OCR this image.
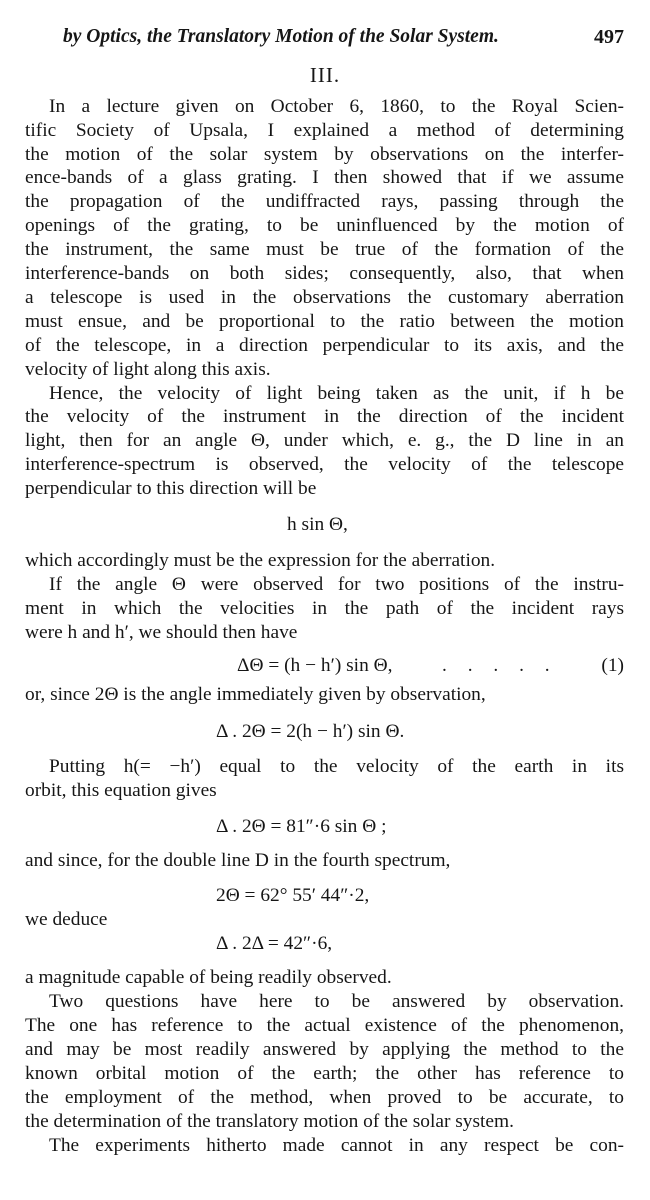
by Optics, the Translatory Motion of the Solar System.	497
III.
In a lecture given on October 6, 1860, to the Royal Scien-
tific Society of Upsala, I explained a method of determining
the motion of the solar system by observations on the interfer-
ence-bands of a glass grating. I then showed that if we assume
the propagation of the undiffracted rays, passing through the
openings of the grating, to be uninfluenced by the motion of
the instrument, the same must be true of the formation of the
interference-bands on both sides; consequently, also, that when
a telescope is used in the observations the customary aberration
must ensue, and be proportional to the ratio between the motion
of the telescope, in a direction perpendicular to its axis, and the
velocity of light along this axis.
Hence, the velocity of light being taken as the unit, if h be
the velocity of the instrument in the direction of the incident
light, then for an angle Θ, under which, e. g., the D line in an
interference-spectrum is observed, the velocity of the telescope
perpendicular to this direction will be
h sin Θ,
which accordingly must be the expression for the aberration.
If the angle Θ were observed for two positions of the instru-
ment in which the velocities in the path of the incident rays
were h and h′, we should then have
ΔΘ = (h − h′) sin Θ,	. . . . . (1)
or, since 2Θ is the angle immediately given by observation,
Δ . 2Θ = 2(h − h′) sin Θ.
Putting h(= −h′) equal to the velocity of the earth in its
orbit, this equation gives
Δ . 2Θ = 81″·6 sin Θ ;
and since, for the double line D in the fourth spectrum,
2Θ = 62° 55′ 44″·2,
we deduce
Δ . 2Δ = 42″·6,
a magnitude capable of being readily observed.
Two questions have here to be answered by observation.
The one has reference to the actual existence of the phenomenon,
and may be most readily answered by applying the method to the
known orbital motion of the earth; the other has reference to
the employment of the method, when proved to be accurate, to
the determination of the translatory motion of the solar system.
The experiments hitherto made cannot in any respect be con-
